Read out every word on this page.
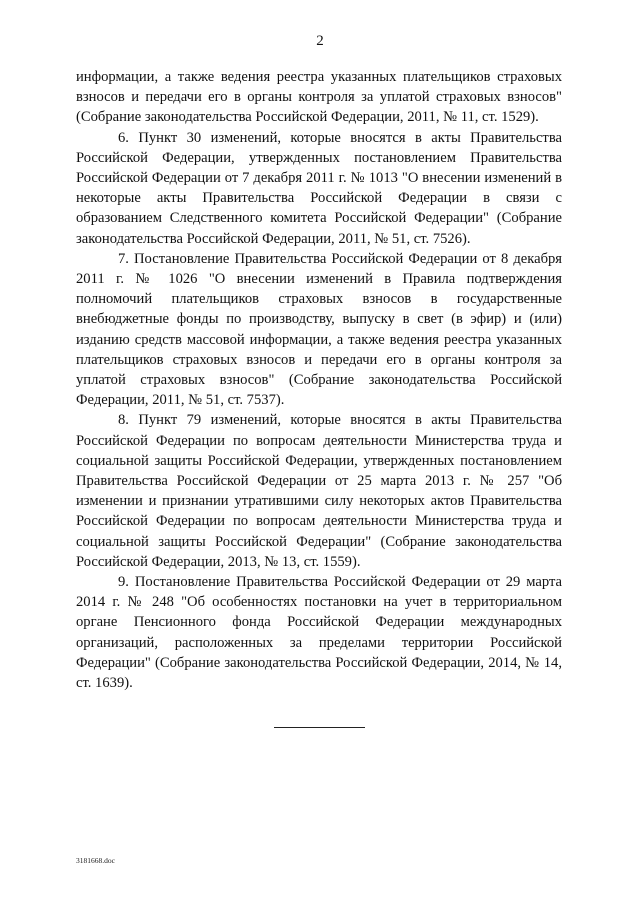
2

информации, а также ведения реестра указанных плательщиков страховых взносов и передачи его в органы контроля за уплатой страховых взносов" (Собрание законодательства Российской Федерации, 2011, № 11, ст. 1529).

6. Пункт 30 изменений, которые вносятся в акты Правительства Российской Федерации, утвержденных постановлением Правительства Российской Федерации от 7 декабря 2011 г. № 1013 "О внесении изменений в некоторые акты Правительства Российской Федерации в связи с образованием Следственного комитета Российской Федерации" (Собрание законодательства Российской Федерации, 2011, № 51, ст. 7526).

7. Постановление Правительства Российской Федерации от 8 декабря 2011 г. № 1026 "О внесении изменений в Правила подтверждения полномочий плательщиков страховых взносов в государственные внебюджетные фонды по производству, выпуску в свет (в эфир) и (или) изданию средств массовой информации, а также ведения реестра указанных плательщиков страховых взносов и передачи его в органы контроля за уплатой страховых взносов" (Собрание законодательства Российской Федерации, 2011, № 51, ст. 7537).

8. Пункт 79 изменений, которые вносятся в акты Правительства Российской Федерации по вопросам деятельности Министерства труда и социальной защиты Российской Федерации, утвержденных постановлением Правительства Российской Федерации от 25 марта 2013 г. № 257 "Об изменении и признании утратившими силу некоторых актов Правительства Российской Федерации по вопросам деятельности Министерства труда и социальной защиты Российской Федерации" (Собрание законодательства Российской Федерации, 2013, № 13, ст. 1559).

9. Постановление Правительства Российской Федерации от 29 марта 2014 г. № 248 "Об особенностях постановки на учет в территориальном органе Пенсионного фонда Российской Федерации международных организаций, расположенных за пределами территории Российской Федерации" (Собрание законодательства Российской Федерации, 2014, № 14, ст. 1639).

3181668.doc
